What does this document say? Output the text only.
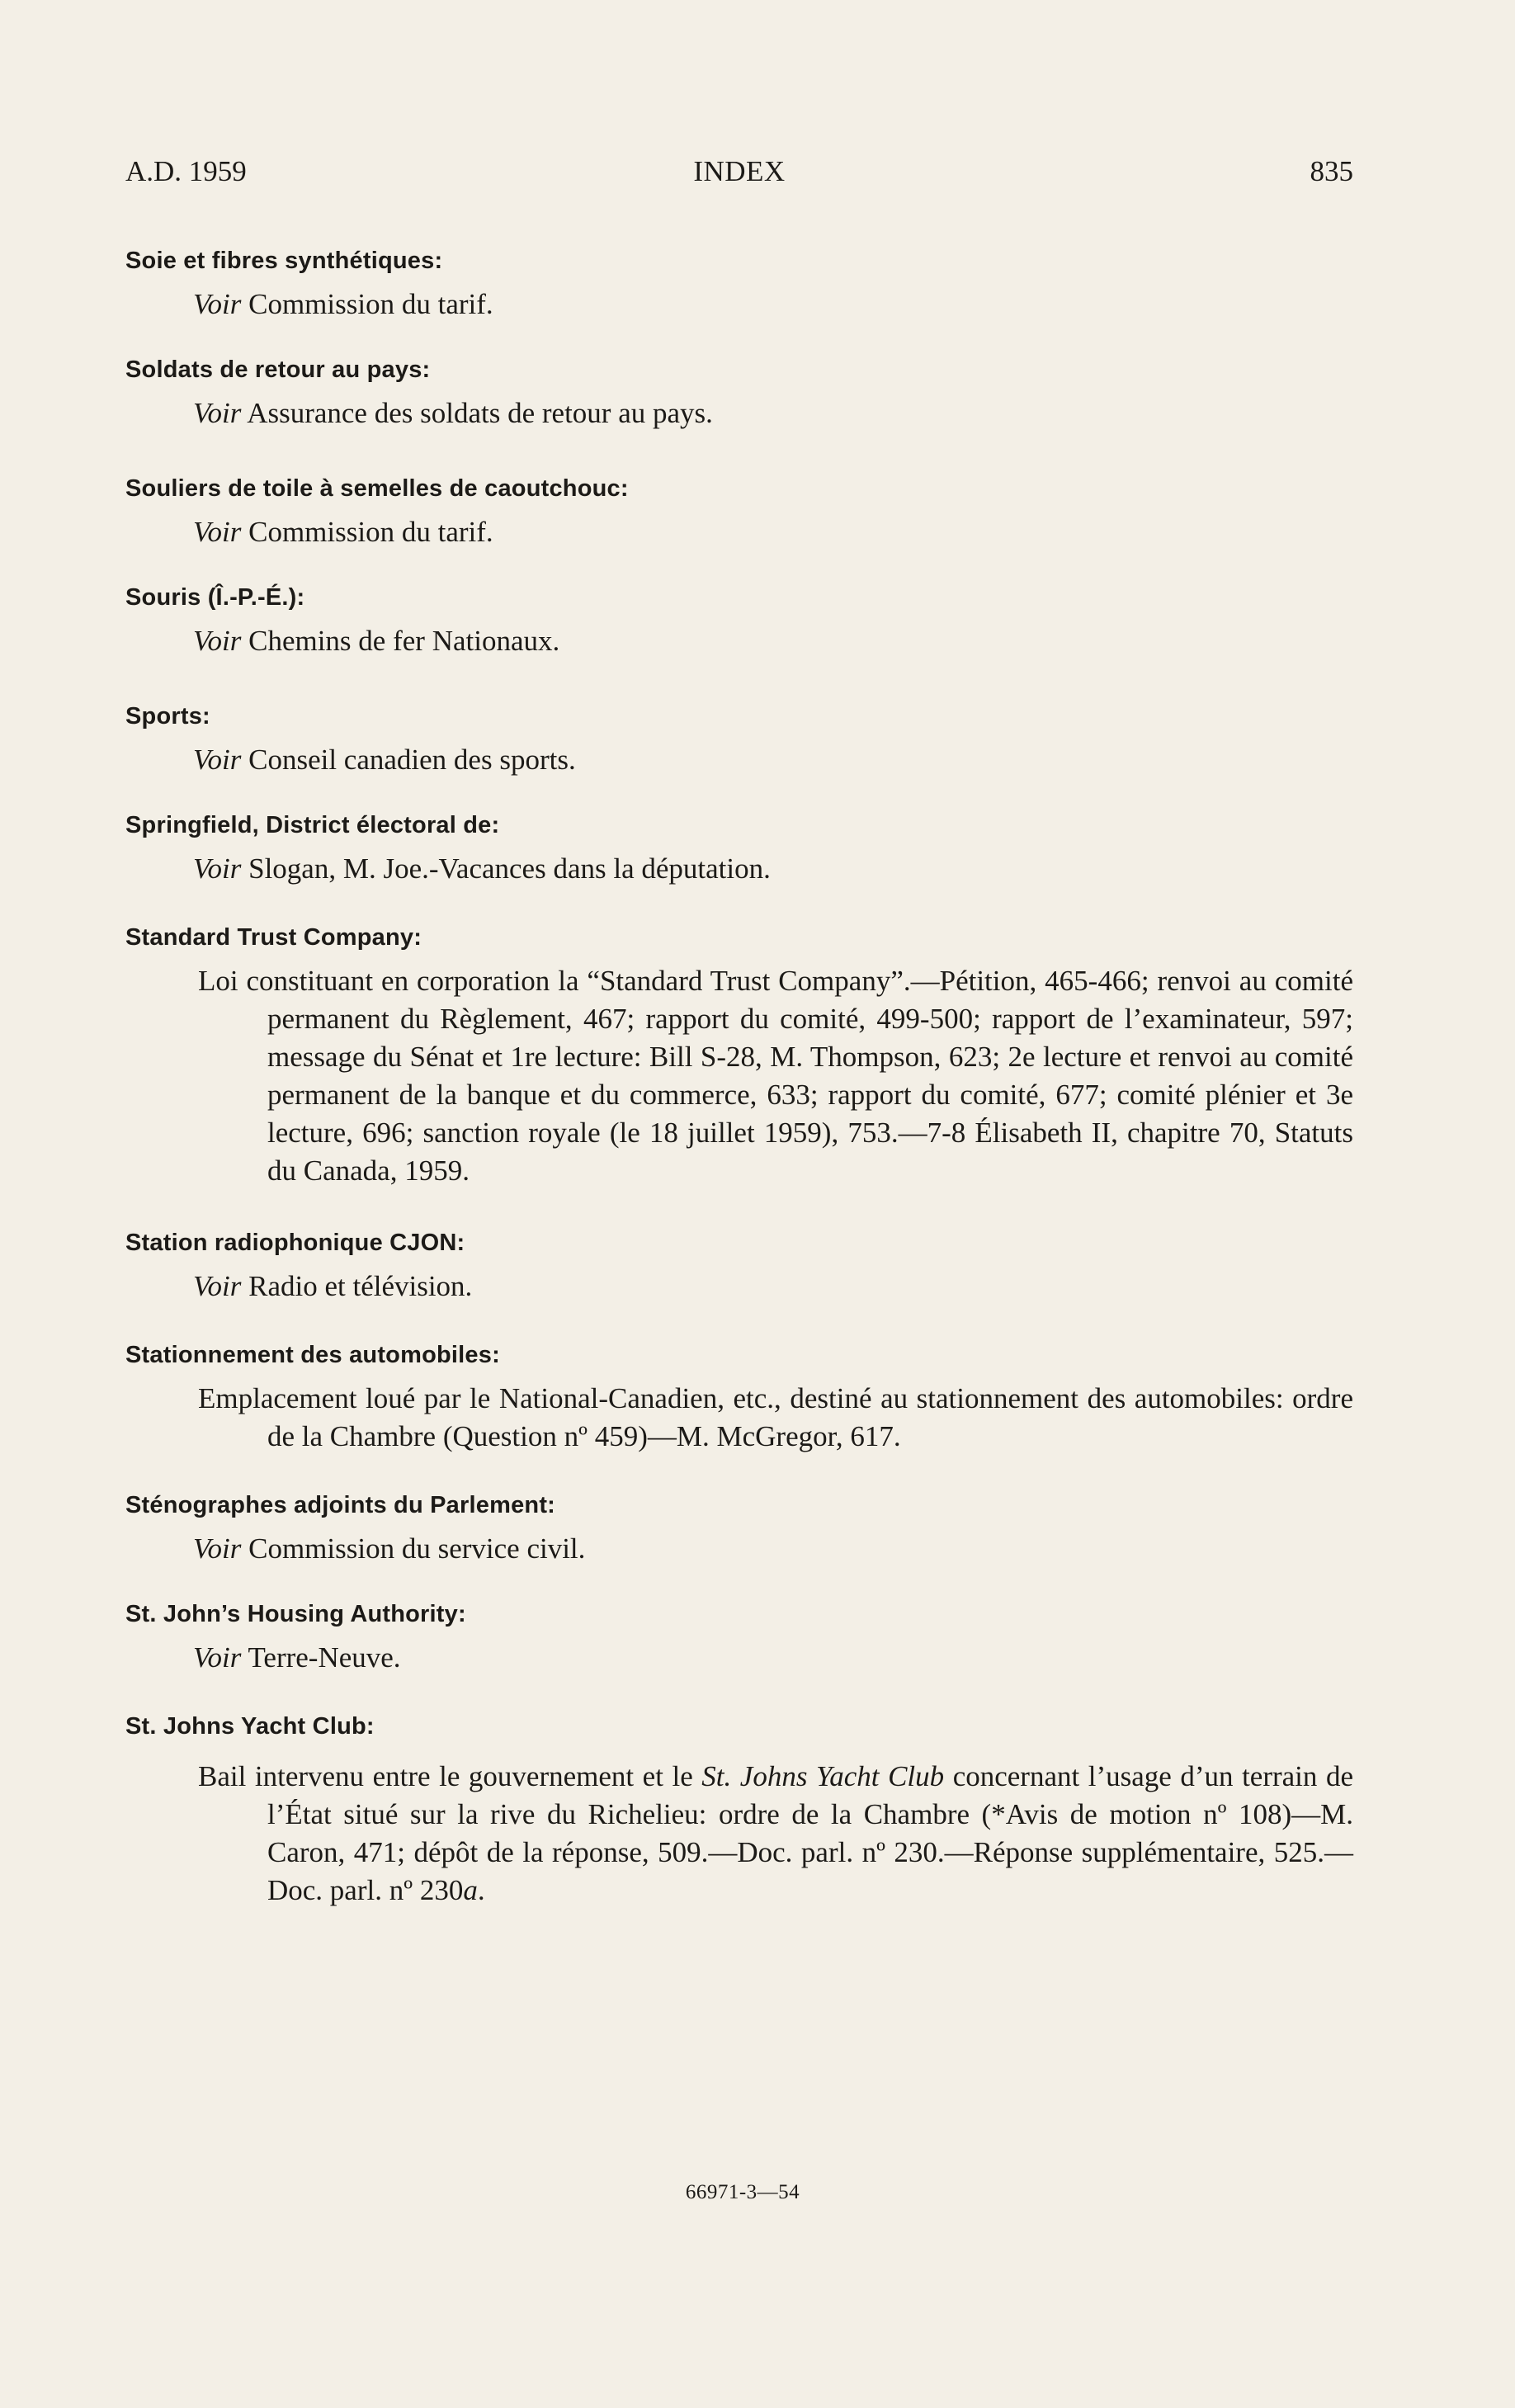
A.D. 1959	INDEX	835

Soie et fibres synthétiques:

Voir Commission du tarif.

Soldats de retour au pays:

Voir Assurance des soldats de retour au pays.

Souliers de toile à semelles de caoutchouc:

Voir Commission du tarif.

Souris (Î.-P.-É.):

Voir Chemins de fer Nationaux.

Sports:

Voir Conseil canadien des sports.

Springfield, District électoral de:

Voir Slogan, M. Joe.-Vacances dans la députation.

Standard Trust Company:

Loi constituant en corporation la “Standard Trust Company”.—Pétition, 465-466; renvoi au comité permanent du Règlement, 467; rapport du comité, 499-500; rapport de l’examinateur, 597; message du Sénat et 1re lecture: Bill S-28, M. Thompson, 623; 2e lecture et renvoi au comité permanent de la banque et du commerce, 633; rapport du comité, 677; comité plénier et 3e lecture, 696; sanction royale (le 18 juillet 1959), 753.—7-8 Élisabeth II, chapitre 70, Statuts du Canada, 1959.

Station radiophonique CJON:

Voir Radio et télévision.

Stationnement des automobiles:

Emplacement loué par le National-Canadien, etc., destiné au stationnement des automobiles: ordre de la Chambre (Question nº 459)—M. McGregor, 617.

Sténographes adjoints du Parlement:

Voir Commission du service civil.

St. John’s Housing Authority:

Voir Terre-Neuve.

St. Johns Yacht Club:

Bail intervenu entre le gouvernement et le St. Johns Yacht Club concernant l’usage d’un terrain de l’État situé sur la rive du Richelieu: ordre de la Chambre (*Avis de motion nº 108)—M. Caron, 471; dépôt de la réponse, 509.—Doc. parl. nº 230.—Réponse supplémentaire, 525.—Doc. parl. nº 230a.

66971-3—54
